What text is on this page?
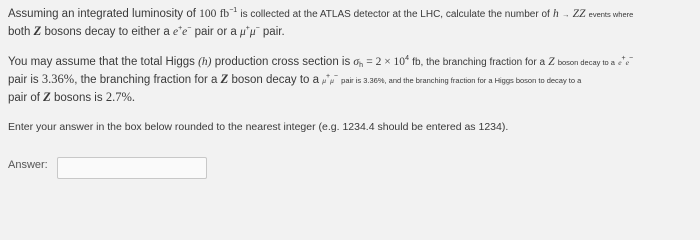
Assuming an integrated luminosity of 100 $fb^{-1}$ is collected at the ATLAS detector at the LHC, calculate the number of h → ZZ events where
both Z bosons decay to either a e+e− pair or a μ+μ− pair.
You may assume that the total Higgs (h) production cross section is $\sigma_h = 2 \times 10^4$ fb, the branching fraction for a Z boson decay to a e+e−
pair is 3.36%, the branching fraction for a Z boson decay to a μ+μ− pair is 3.36%, and the branching fraction for a Higgs boson to decay to a
pair of Z bosons is 2.7%.
Enter your answer in the box below rounded to the nearest integer (e.g. 1234.4 should be entered as 1234).
Answer:
